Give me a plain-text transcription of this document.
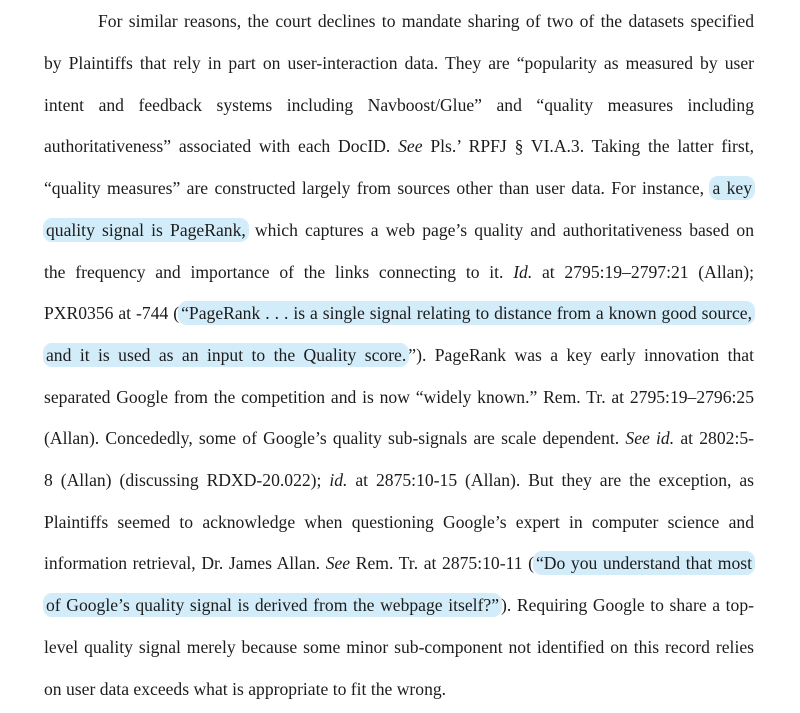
For similar reasons, the court declines to mandate sharing of two of the datasets specified
by Plaintiffs that rely in part on user-interaction data. They are “popularity as measured by user
intent and feedback systems including Navboost/Glue” and “quality measures including
authoritativeness” associated with each DocID. See Pls.’ RPFJ § VI.A.3. Taking the latter first,
“quality measures” are constructed largely from sources other than user data. For instance, a key
quality signal is PageRank, which captures a web page’s quality and authoritativeness based on
the frequency and importance of the links connecting to it. Id. at 2795:19–2797:21 (Allan);
PXR0356 at -744 ( “PageRank . . . is a single signal relating to distance from a known good source,
and it is used as an input to the Quality score. ”). PageRank was a key early innovation that
separated Google from the competition and is now “widely known.” Rem. Tr. at 2795:19–2796:25
(Allan). Concededly, some of Google’s quality sub-signals are scale dependent. See id. at 2802:5-
8 (Allan) (discussing RDXD-20.022); id. at 2875:10-15 (Allan). But they are the exception, as
Plaintiffs seemed to acknowledge when questioning Google’s expert in computer science and
information retrieval, Dr. James Allan. See Rem. Tr. at 2875:10-11 ( “Do you understand that most
of Google’s quality signal is derived from the webpage itself?” ). Requiring Google to share a top-
level quality signal merely because some minor sub-component not identified on this record relies
on user data exceeds what is appropriate to fit the wrong.
